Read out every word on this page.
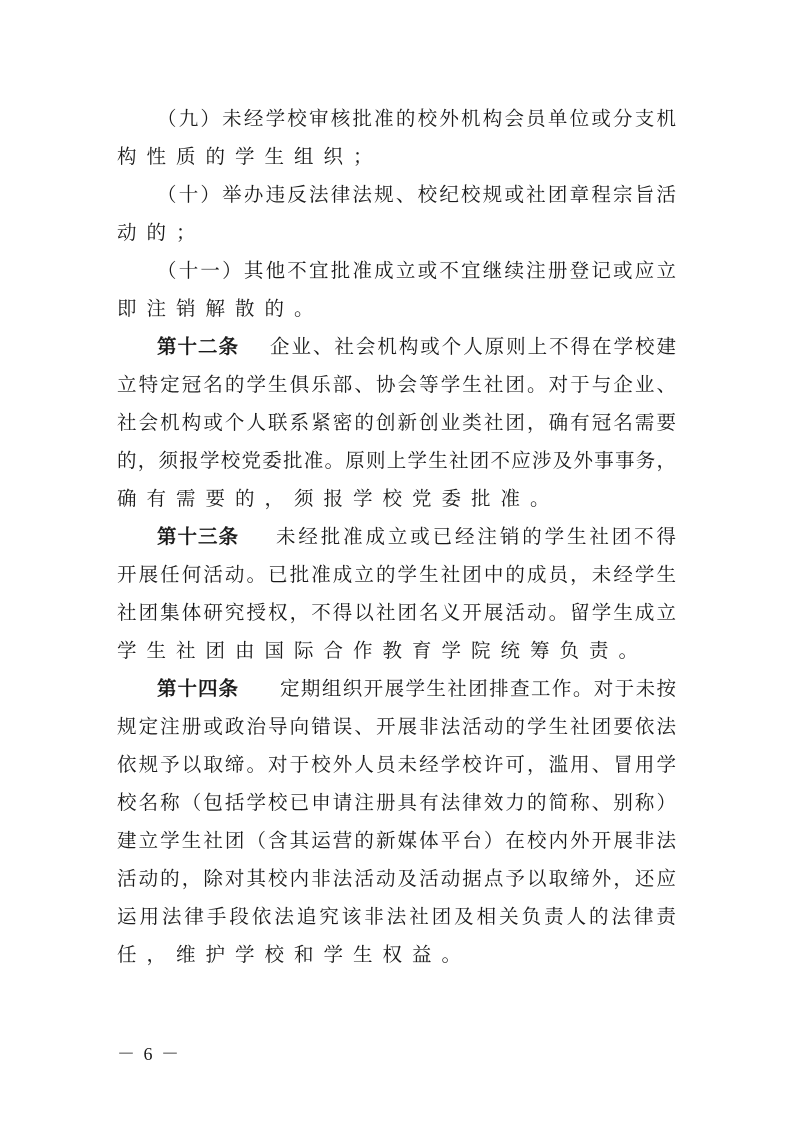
（九）未经学校审核批准的校外机构会员单位或分支机
构性质的学生组织；
（十）举办违反法律法规、校纪校规或社团章程宗旨活
动的；
（十一）其他不宜批准成立或不宜继续注册登记或应立
即注销解散的。
第十二条 企业、社会机构或个人原则上不得在学校建
立特定冠名的学生俱乐部、协会等学生社团。对于与企业、
社会机构或个人联系紧密的创新创业类社团，确有冠名需要
的，须报学校党委批准。原则上学生社团不应涉及外事事务，
确有需要的，须报学校党委批准。
第十三条 未经批准成立或已经注销的学生社团不得
开展任何活动。已批准成立的学生社团中的成员，未经学生
社团集体研究授权，不得以社团名义开展活动。留学生成立
学生社团由国际合作教育学院统筹负责。
第十四条 定期组织开展学生社团排查工作。对于未按
规定注册或政治导向错误、开展非法活动的学生社团要依法
依规予以取缔。对于校外人员未经学校许可，滥用、冒用学
校名称（包括学校已申请注册具有法律效力的简称、别称）
建立学生社团（含其运营的新媒体平台）在校内外开展非法
活动的，除对其校内非法活动及活动据点予以取缔外，还应
运用法律手段依法追究该非法社团及相关负责人的法律责
任，维护学校和学生权益。
－ 6 －
